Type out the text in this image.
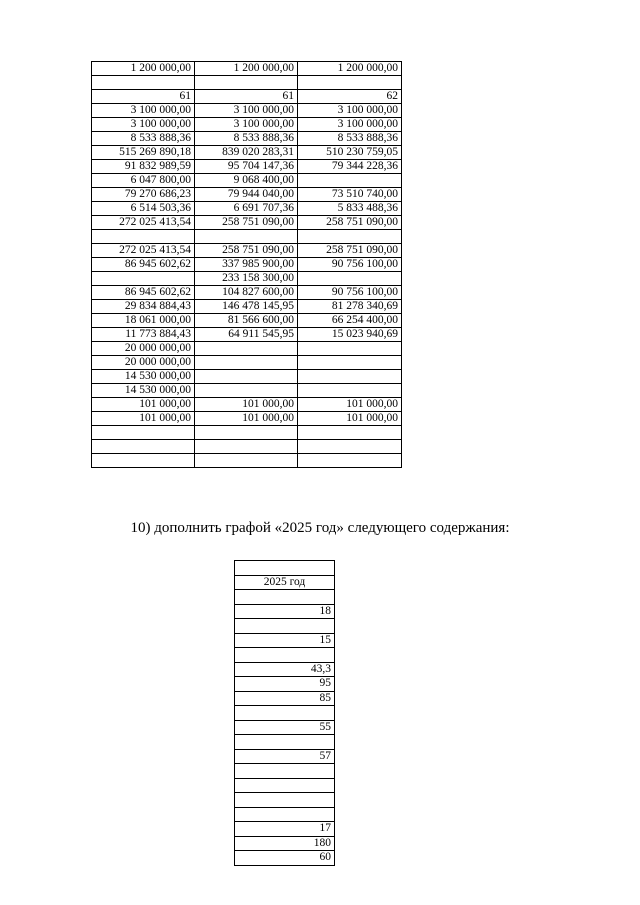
1 200 000,00	1 200 000,00	1 200 000,00

61	61	62
3 100 000,00	3 100 000,00	3 100 000,00
3 100 000,00	3 100 000,00	3 100 000,00
8 533 888,36	8 533 888,36	8 533 888,36
515 269 890,18	839 020 283,31	510 230 759,05
91 832 989,59	95 704 147,36	79 344 228,36
6 047 800,00	9 068 400,00	
79 270 686,23	79 944 040,00	73 510 740,00
6 514 503,36	6 691 707,36	5 833 488,36
272 025 413,54	258 751 090,00	258 751 090,00

272 025 413,54	258 751 090,00	258 751 090,00
86 945 602,62	337 985 900,00	90 756 100,00
	233 158 300,00	
86 945 602,62	104 827 600,00	90 756 100,00
29 834 884,43	146 478 145,95	81 278 340,69
18 061 000,00	81 566 600,00	66 254 400,00
11 773 884,43	64 911 545,95	15 023 940,69
20 000 000,00		
20 000 000,00		
14 530 000,00		
14 530 000,00		
101 000,00	101 000,00	101 000,00
101 000,00	101 000,00	101 000,00

10) дополнить графой «2025 год» следующего содержания:

2025 год

18

15

43,3
95
85

55

57

17
180
60
